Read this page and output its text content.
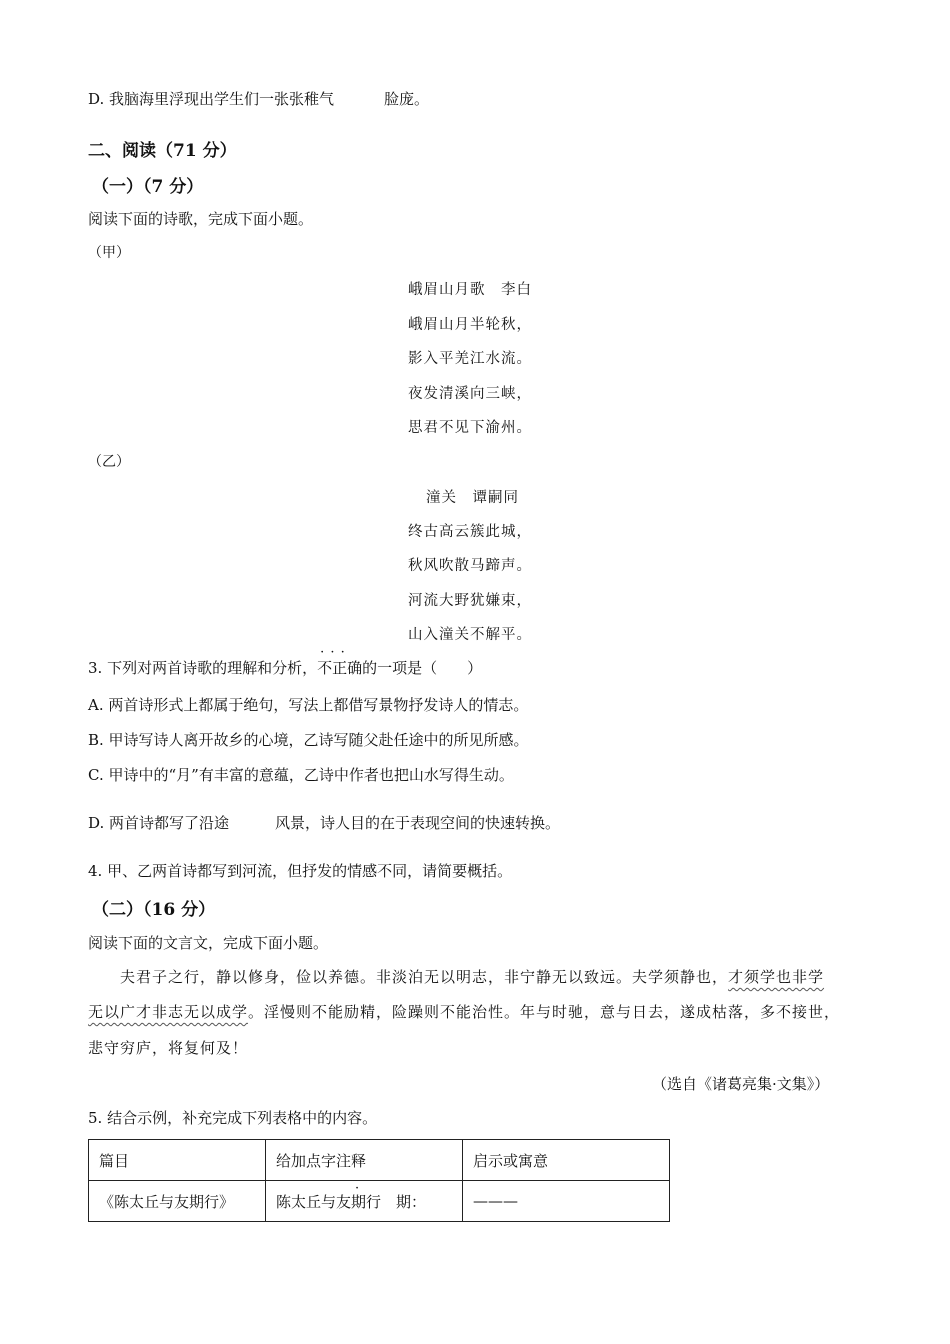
D. 我脑海里浮现出学生们一张张稚气	脸庞。
二、阅读（71 分）
（一）（7 分）
阅读下面的诗歌，完成下面小题。
（甲）
峨眉山月歌　李白
峨眉山月半轮秋，
影入平羌江水流。
夜发清溪向三峡，
思君不见下渝州。
（乙）
潼关　谭嗣同
终古高云簇此城，
秋风吹散马蹄声。
河流大野犹嫌束，
山入潼关不解平。
3. 下列对两首诗歌的理解和分析，· · · 不正确的一项是（　　）
A. 两首诗形式上都属于绝句，写法上都借写景物抒发诗人的情志。
B. 甲诗写诗人离开故乡的心境，乙诗写随父赴任途中的所见所感。
C. 甲诗中的“月”有丰富的意蕴，乙诗中作者也把山水写得生动。
D. 两首诗都写了沿途	风景，诗人目的在于表现空间的快速转换。
4. 甲、乙两首诗都写到河流，但抒发的情感不同，请简要概括。
（二）（16 分）
阅读下面的文言文，完成下面小题。
夫君子之行，静以修身，俭以养德。非淡泊无以明志，非宁静无以致远。夫学须静也，才须学也非学
无以广才非志无以成学。淫慢则不能励精，险躁则不能治性。年与时驰，意与日去，遂成枯落，多不接世，
悲守穷庐，将复何及！
（选自《诸葛亮集·文集》）
5. 结合示例，补充完成下列表格中的内容。
篇目	给加点字注释	启示或寓意
《陈太丘与友期行》	陈太丘与友期行　期：	———
